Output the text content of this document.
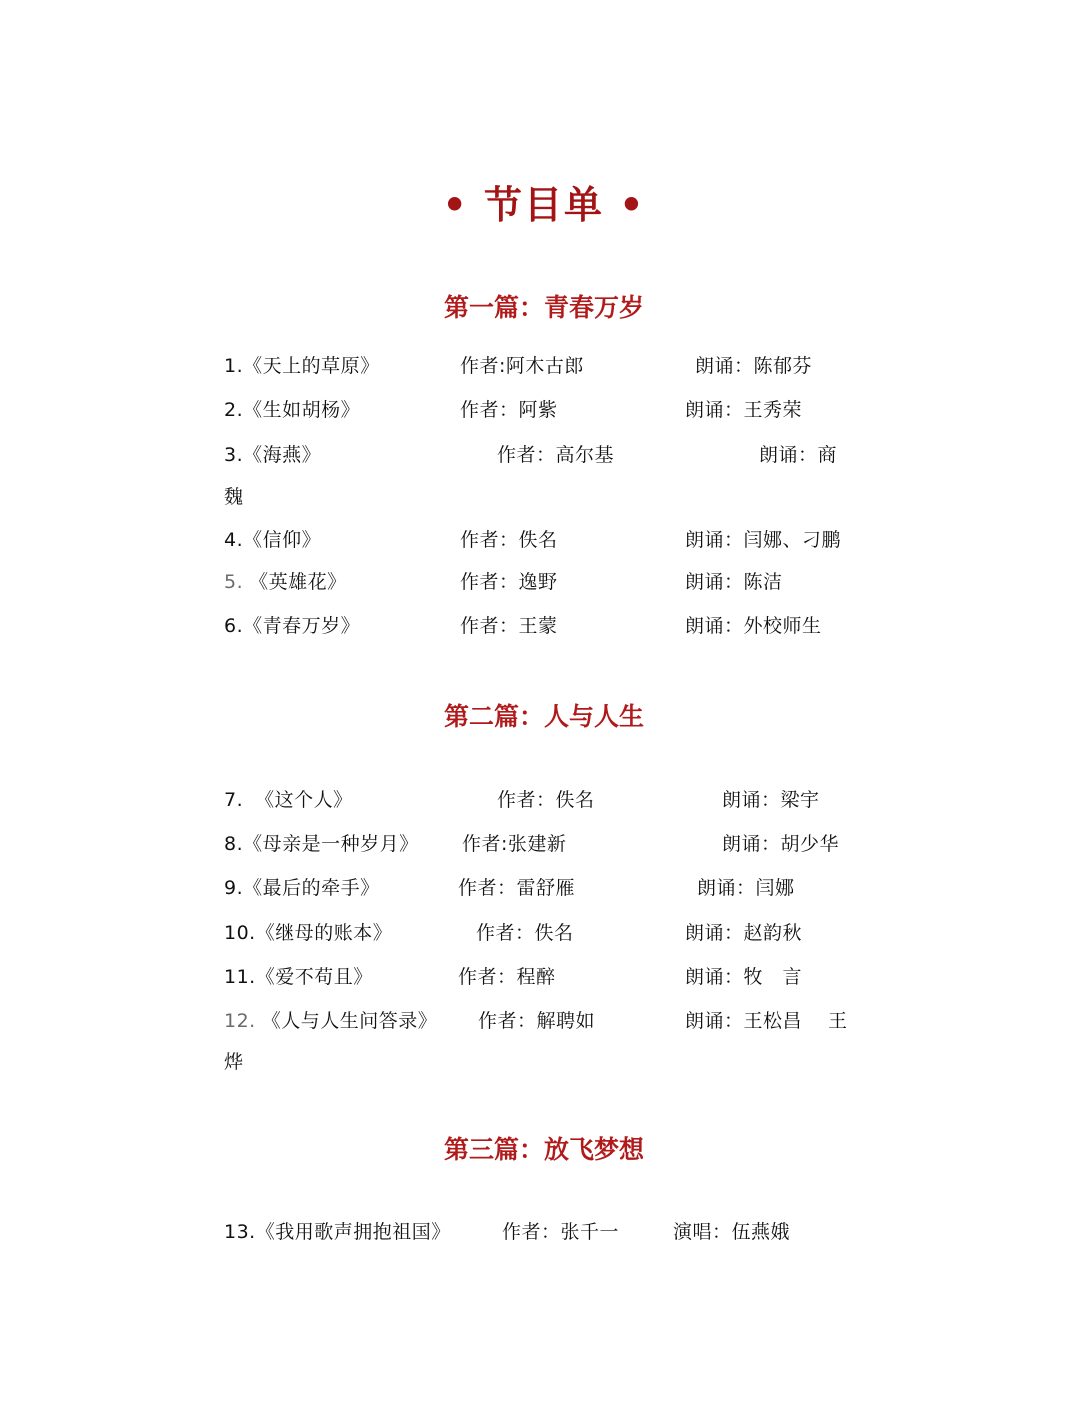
• 节目单 •
第一篇：青春万岁
1.《天上的草原》	作者:阿木古郎	朗诵：陈郁芬
2.《生如胡杨》	作者：阿紫	朗诵：王秀荣
3.《海燕》	作者：高尔基	朗诵：商
魏
4.《信仰》	作者：佚名	朗诵：闫娜、刁鹏
5. 《英雄花》	作者：逸野	朗诵：陈洁
6.《青春万岁》	作者：王蒙	朗诵：外校师生
第二篇：人与人生
7. 《这个人》	作者：佚名	朗诵：梁宇
8.《母亲是一种岁月》 作者:张建新	朗诵：胡少华
9.《最后的牵手》	作者：雷舒雁	朗诵：闫娜
10.《继母的账本》	作者：佚名	朗诵：赵韵秋
11.《爱不苟且》	作者：程醉	朗诵：牧　言
12. 《人与人生问答录》 作者：解聘如	朗诵：王松昌　 王
烨
第三篇：放飞梦想
13.《我用歌声拥抱祖国》	作者：张千一	演唱：伍燕娥
